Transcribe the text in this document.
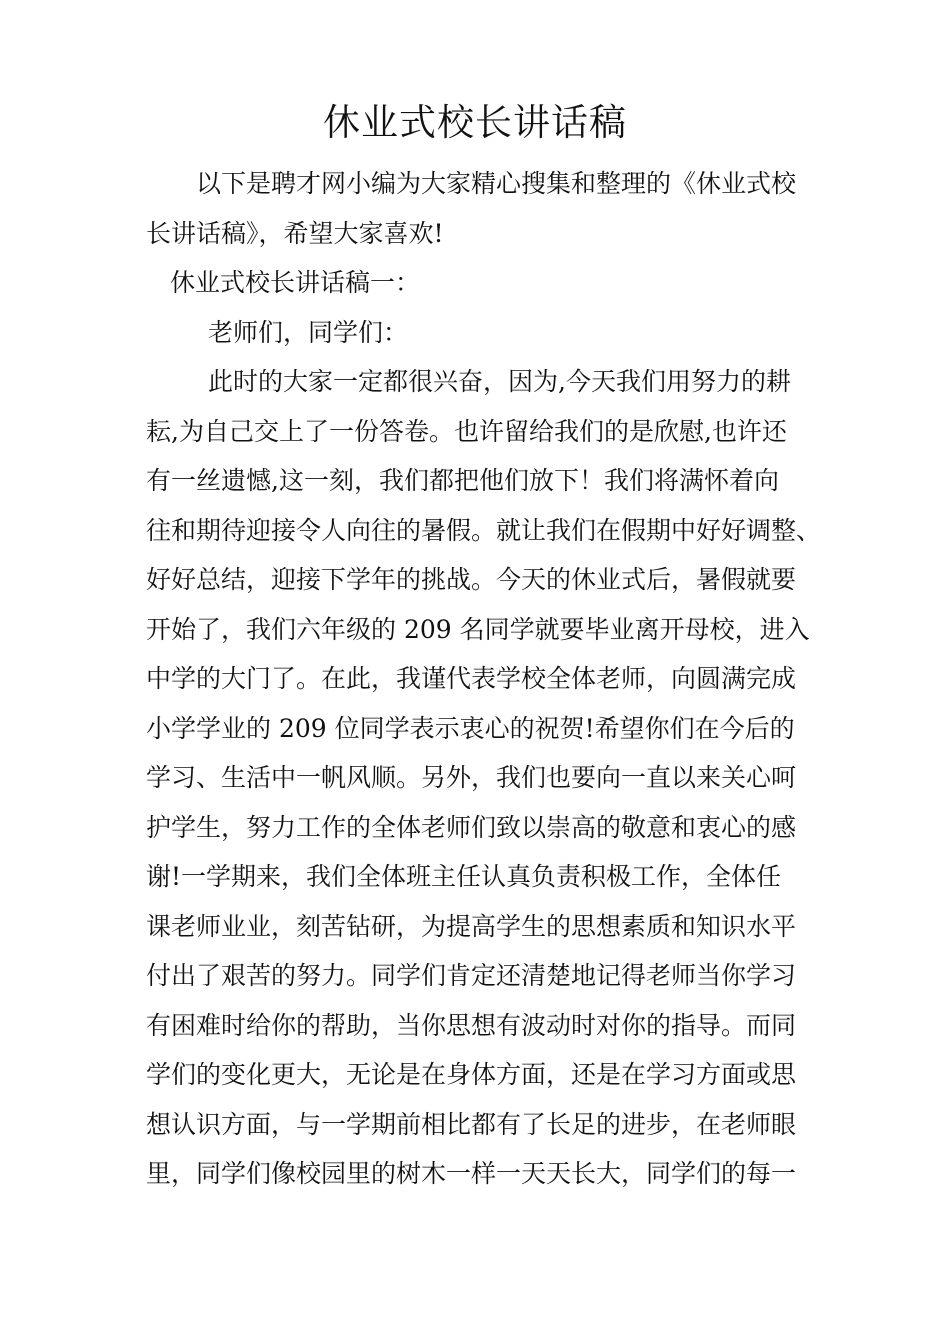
休业式校长讲话稿

以下是聘才网小编为大家精心搜集和整理的《休业式校

长讲话稿》，希望大家喜欢!

休业式校长讲话稿一：

老师们，同学们：

此时的大家一定都很兴奋，因为,今天我们用努力的耕

耘,为自己交上了一份答卷。也许留给我们的是欣慰,也许还

有一丝遗憾,这一刻，我们都把他们放下！我们将满怀着向

往和期待迎接令人向往的暑假。就让我们在假期中好好调整、

好好总结，迎接下学年的挑战。今天的休业式后，暑假就要

开始了，我们六年级的 209 名同学就要毕业离开母校，进入

中学的大门了。在此，我谨代表学校全体老师，向圆满完成

小学学业的 209 位同学表示衷心的祝贺!希望你们在今后的

学习、生活中一帆风顺。另外，我们也要向一直以来关心呵

护学生，努力工作的全体老师们致以崇高的敬意和衷心的感

谢!一学期来，我们全体班主任认真负责积极工作，全体任

课老师业业，刻苦钻研，为提高学生的思想素质和知识水平

付出了艰苦的努力。同学们肯定还清楚地记得老师当你学习

有困难时给你的帮助，当你思想有波动时对你的指导。而同

学们的变化更大，无论是在身体方面，还是在学习方面或思

想认识方面，与一学期前相比都有了长足的进步，在老师眼

里，同学们像校园里的树木一样一天天长大，同学们的每一
